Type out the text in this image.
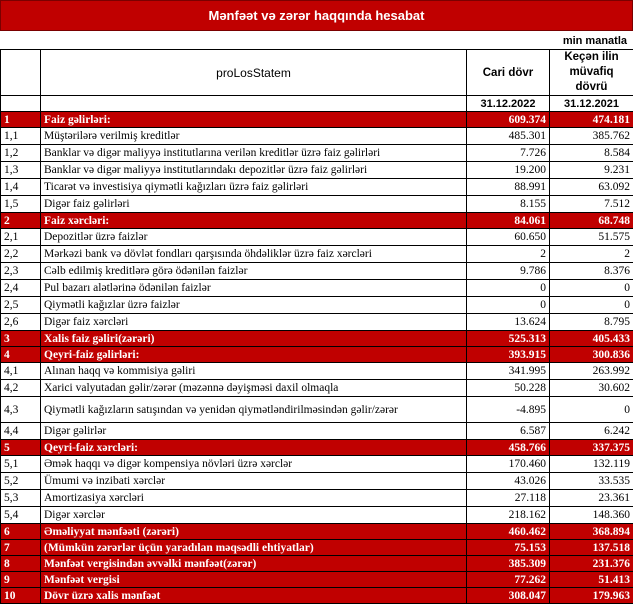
Mənfəət və zərər haqqında hesabat
min manatla
	proLosStatem	Cari dövr	Keçən ilin müvafiq dövrü
		31.12.2022	31.12.2021
1	Faiz gəlirləri:	609.374	474.181
1,1	Müştərilərə verilmiş kreditlər	485.301	385.762
1,2	Banklar və digər maliyyə institutlarına verilən kreditlər üzrə faiz gəlirləri	7.726	8.584
1,3	Banklar və digər maliyyə institutlarındakı depozitlər üzrə faiz gəlirləri	19.200	9.231
1,4	Ticarət və investisiya qiymətli kağızları üzrə faiz gəlirləri	88.991	63.092
1,5	Digər faiz gəlirləri	8.155	7.512
2	Faiz xərcləri:	84.061	68.748
2,1	Depozitlər üzrə faizlər	60.650	51.575
2,2	Mərkəzi bank və dövlət fondları qarşısında öhdəliklər üzrə faiz xərcləri	2	2
2,3	Cəlb edilmiş kreditlərə görə ödənilən faizlər	9.786	8.376
2,4	Pul bazarı alətlərinə ödənilən faizlər	0	0
2,5	Qiymətli kağızlar üzrə faizlər	0	0
2,6	Digər faiz xərcləri	13.624	8.795
3	Xalis faiz gəliri(zərəri)	525.313	405.433
4	Qeyri-faiz gəlirləri:	393.915	300.836
4,1	Alınan haqq və kommisiya gəliri	341.995	263.992
4,2	Xarici valyutadan gəlir/zərər (məzənnə dəyişməsi daxil olmaqla	50.228	30.602
4,3	Qiymətli kağızların satışından və yenidən qiymətləndirilməsindən gəlir/zərər	-4.895	0
4,4	Digər gəlirlər	6.587	6.242
5	Qeyri-faiz xərcləri:	458.766	337.375
5,1	Əmək haqqı və digər kompensiya növləri üzrə xərclər	170.460	132.119
5,2	Ümumi və inzibati xərclər	43.026	33.535
5,3	Amortizasiya xərcləri	27.118	23.361
5,4	Digər xərclər	218.162	148.360
6	Əməliyyat mənfəəti (zərəri)	460.462	368.894
7	(Mümkün zərərlər üçün yaradılan məqsədli ehtiyatlar)	75.153	137.518
8	Mənfəət vergisindən əvvəlki mənfəət(zərər)	385.309	231.376
9	Mənfəət vergisi	77.262	51.413
10	Dövr üzrə xalis mənfəət	308.047	179.963
